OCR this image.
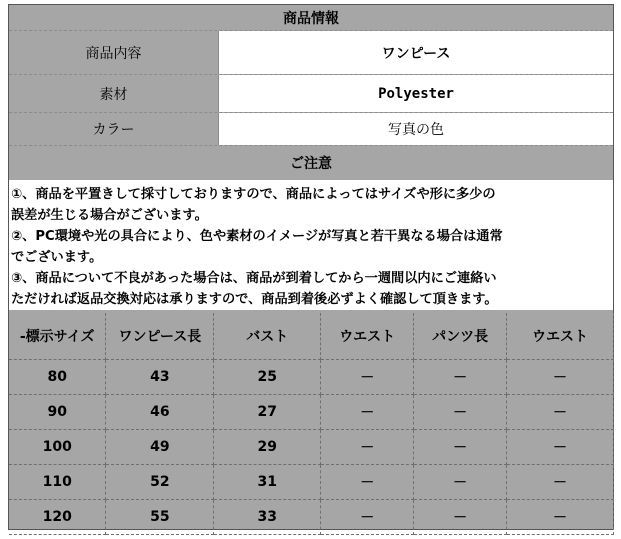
商品情報
商品内容	ワンピース
素材	Polyester
カラー	写真の色
ご注意
①、商品を平置きして採寸しておりますので、商品によってはサイズや形に多少の
誤差が生じる場合がございます。
②、PC環境や光の具合により、色や素材のイメージが写真と若干異なる場合は通常
でございます。
③、商品について不良があった場合は、商品が到着してから一週間以内にご連絡い
ただければ返品交換対応は承りますので、商品到着後必ずよく確認して頂きます。
-標示サイズ	ワンピース長	バスト	ウエスト	パンツ長	ウエスト
80	43	25	－	－	－
90	46	27	－	－	－
100	49	29	－	－	－
110	52	31	－	－	－
120	55	33	－	－	－
